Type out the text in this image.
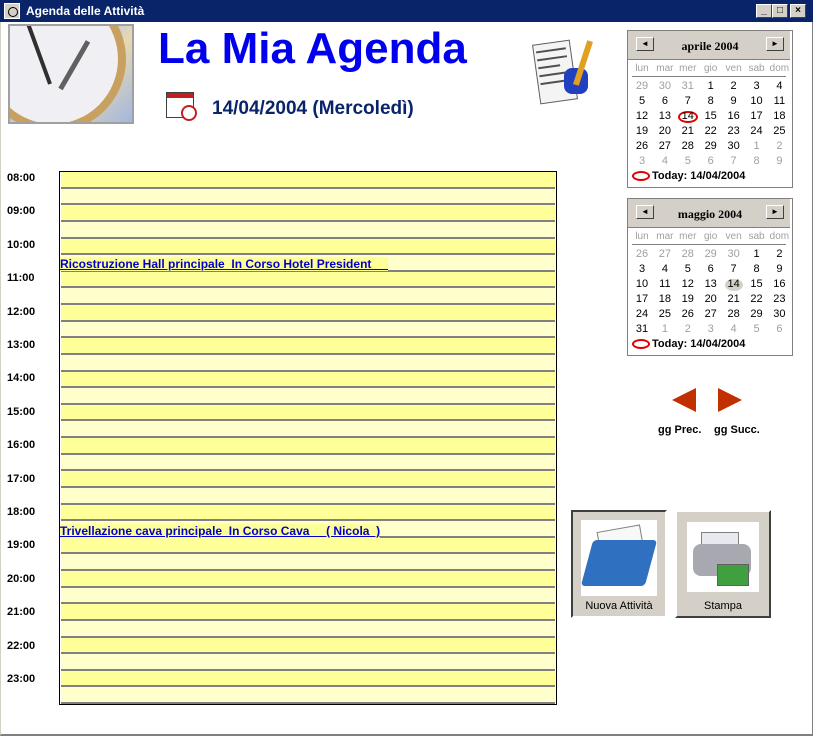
Agenda delle Attività	_	□	×
La Mia Agenda
14/04/2004 (Mercoledì)
08:00
09:00
10:00
11:00
12:00
13:00
14:00
15:00
16:00
17:00
18:00
19:00
20:00
21:00
22:00
23:00
Ricostruzione Hall principale  In Corso Hotel President
Trivellazione cava principale  In Corso Cava     ( Nicola  )
◄	aprile 2004	►
lun mar mer gio ven sab dom
29 30 31	1	2	3	4
5	6	7	8	9	10	11
12 13 14 15 16 17 18
19 20 21 22 23 24 25
26 27 28 29 30	1	2
3	4	5	6	7	8	9
Today: 14/04/2004
◄	maggio 2004	►
lun mar mer gio ven sab dom
26 27 28 29 30	1	2
3	4	5	6	7	8	9
10	11	12 13 14 15 16
17 18 19 20 21 22 23
24 25 26 27 28 29 30
31	1	2	3	4	5	6
Today: 14/04/2004
gg Prec. gg Succ.
Nuova Attività	Stampa
